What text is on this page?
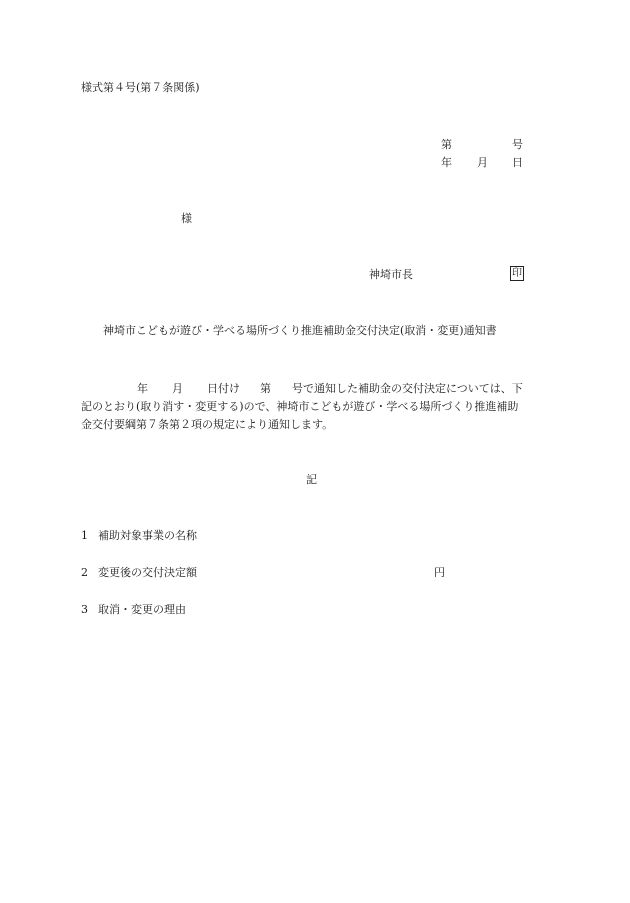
様式第４号(第７条関係)
第	号
年 月 日
様
神埼市長	印
神埼市こどもが遊び・学べる場所づくり推進補助金交付決定(取消・変更)通知書
年 月 日付け 第 号で通知した補助金の交付決定については、下
記のとおり(取り消す・変更する)ので、神埼市こどもが遊び・学べる場所づくり推進補助
金交付要綱第７条第２項の規定により通知します。
記
1 補助対象事業の名称
2 変更後の交付決定額	円
3 取消・変更の理由
